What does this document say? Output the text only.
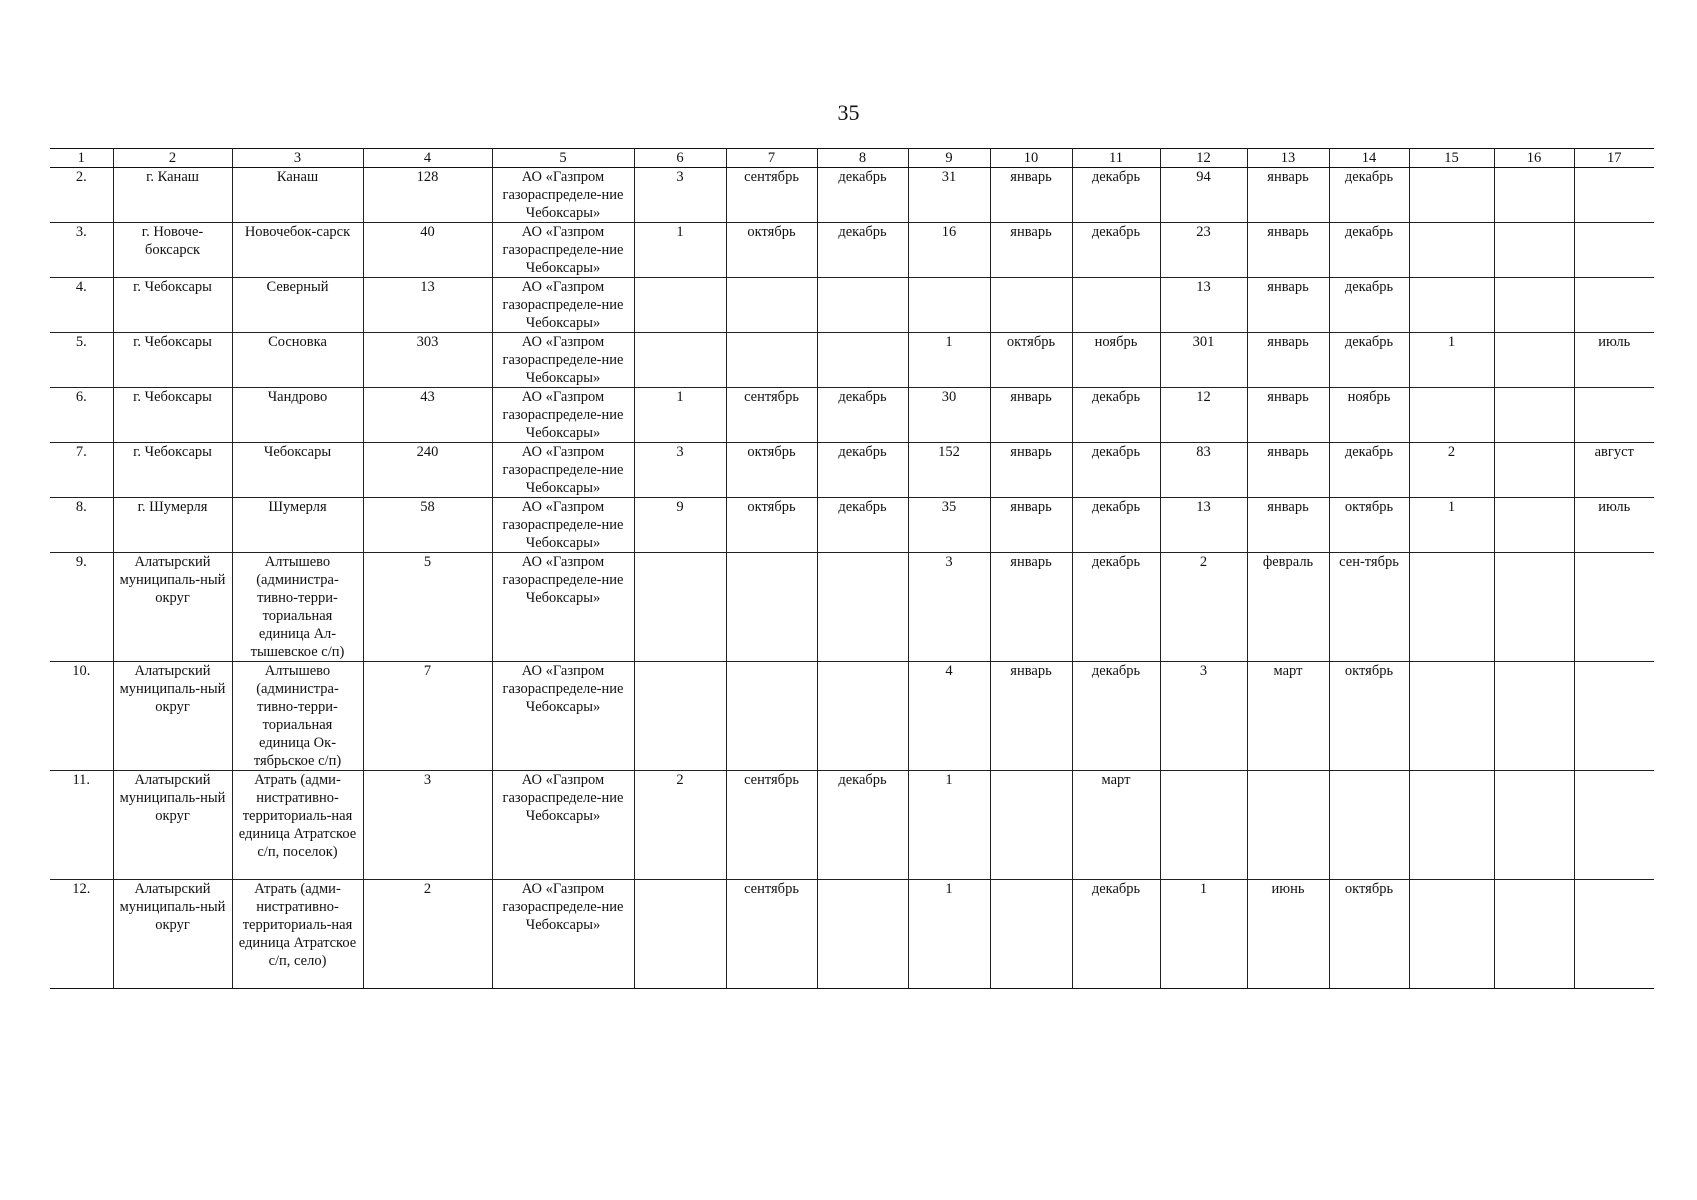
35
1	2	3	4	5	6	7	8	9	10	11	12	13	14	15	16	17
2.	г. Канаш	Канаш	128	АО «Газпром газораспределе-ние Чебоксары»	3	сентябрь	декабрь	31	январь	декабрь	94	январь	декабрь			
3.	г. Новоче-боксарск	Новочебок-сарск	40	АО «Газпром газораспределе-ние Чебоксары»	1	октябрь	декабрь	16	январь	декабрь	23	январь	декабрь			
4.	г. Чебоксары	Северный	13	АО «Газпром газораспределе-ние Чебоксары»							13	январь	декабрь			
5.	г. Чебоксары	Сосновка	303	АО «Газпром газораспределе-ние Чебоксары»				1	октябрь	ноябрь	301	январь	декабрь	1		июль
6.	г. Чебоксары	Чандрово	43	АО «Газпром газораспределе-ние Чебоксары»	1	сентябрь	декабрь	30	январь	декабрь	12	январь	ноябрь			
7.	г. Чебоксары	Чебоксары	240	АО «Газпром газораспределе-ние Чебоксары»	3	октябрь	декабрь	152	январь	декабрь	83	январь	декабрь	2		август
8.	г. Шумерля	Шумерля	58	АО «Газпром газораспределе-ние Чебоксары»	9	октябрь	декабрь	35	январь	декабрь	13	январь	октябрь	1		июль
9.	Алатырский муниципаль-ный округ	Алтышево (администра-тивно-терри-ториальная единица Ал-тышевское с/п)	5	АО «Газпром газораспределе-ние Чебоксары»				3	январь	декабрь	2	февраль	сен-тябрь			
10.	Алатырский муниципаль-ный округ	Алтышево (администра-тивно-терри-ториальная единица Ок-тябрьское с/п)	7	АО «Газпром газораспределе-ние Чебоксары»				4	январь	декабрь	3	март	октябрь			
11.	Алатырский муниципаль-ный округ	Атрать (адми-нистративно-территориаль-ная единица Атратское с/п, поселок)	3	АО «Газпром газораспределе-ние Чебоксары»	2	сентябрь	декабрь	1		март						
12.	Алатырский муниципаль-ный округ	Атрать (адми-нистративно-территориаль-ная единица Атратское с/п, село)	2	АО «Газпром газораспределе-ние Чебоксары»		сентябрь		1		декабрь	1	июнь	октябрь			
